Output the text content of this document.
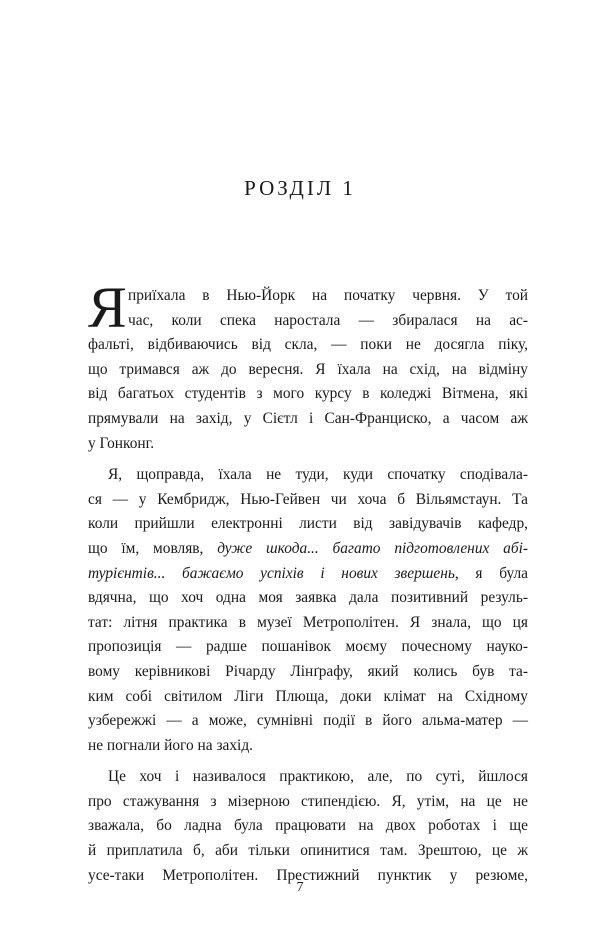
РОЗДІЛ 1
Я приїхала в Нью-Йорк на початку червня. У той
час, коли спека наростала — збиралася на ас-
фальті, відбиваючись від скла, — поки не досягла піку,
що тримався аж до вересня. Я їхала на схід, на відміну
від багатьох студентів з мого курсу в коледжі Вітмена, які
прямували на захід, у Сієтл і Сан-Франциско, а часом аж
у Гонконг.
Я, щоправда, їхала не туди, куди спочатку сподівала-
ся — у Кембридж, Нью-Гейвен чи хоча б Вільямстаун. Та
коли прийшли електронні листи від завідувачів кафедр,
що їм, мовляв, дуже шкода... багато підготовлених абі-
турієнтів... бажаємо успіхів і нових звершень, я була
вдячна, що хоч одна моя заявка дала позитивний резуль-
тат: літня практика в музеї Метрополітен. Я знала, що ця
пропозиція — радше пошанівок моєму почесному науко-
вому керівникові Річарду Лінґрафу, який колись був та-
ким собі світилом Ліги Плюща, доки клімат на Східному
узбережжі — а може, сумнівні події в його альма-матер —
не погнали його на захід.
Це хоч і називалося практикою, але, по суті, йшлося
про стажування з мізерною стипендією. Я, утім, на це не
зважала, бо ладна була працювати на двох роботах і ще
й приплатила б, аби тільки опинитися там. Зрештою, це ж
усе-таки Метрополітен. Престижний пунктик у резюме,
7
